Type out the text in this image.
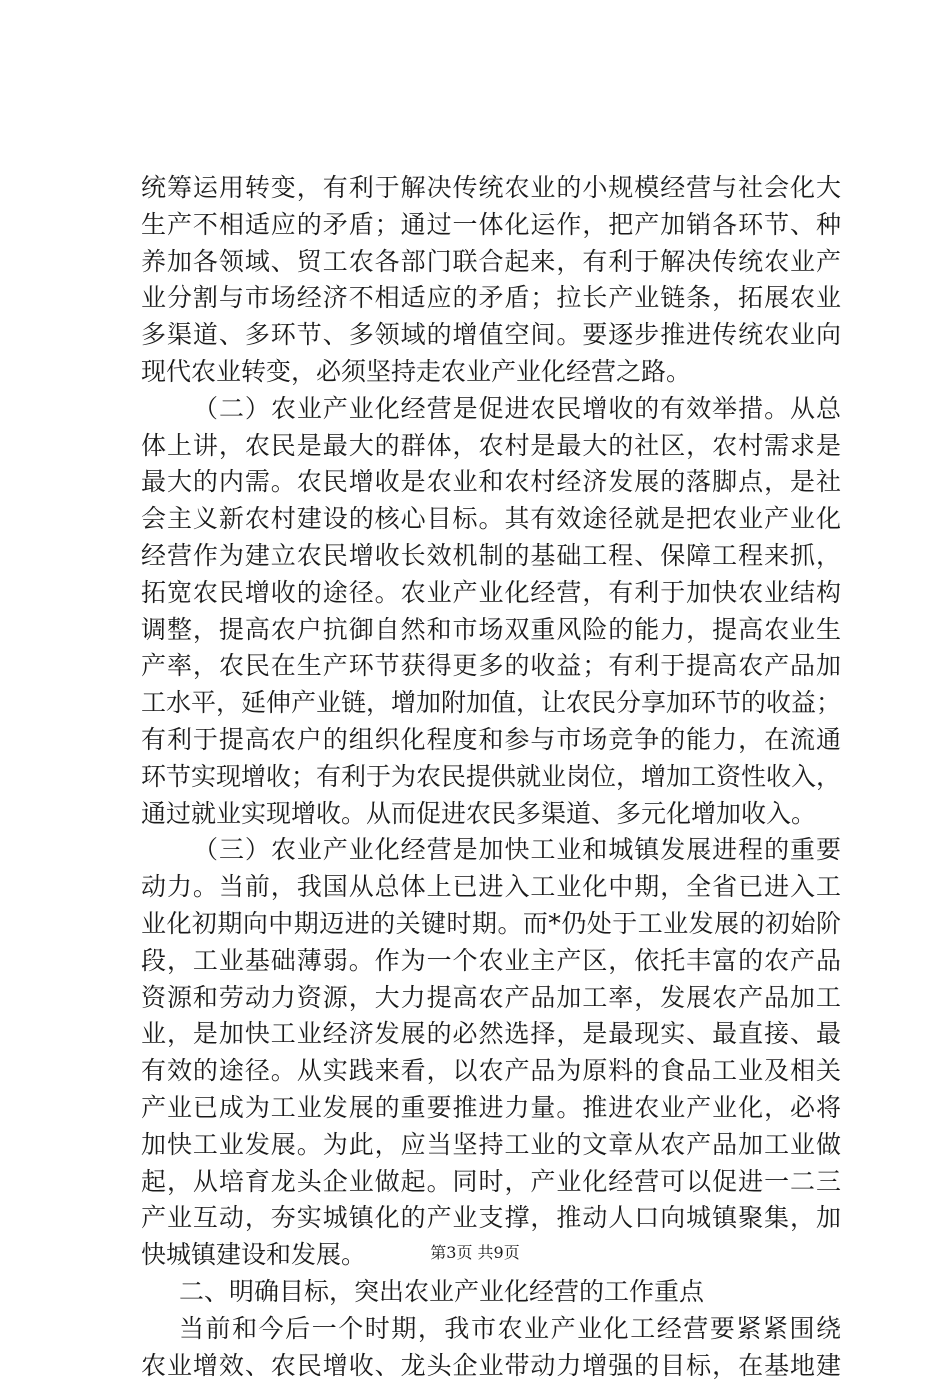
统筹运用转变，有利于解决传统农业的小规模经营与社会化大
生产不相适应的矛盾；通过一体化运作，把产加销各环节、种
养加各领域、贸工农各部门联合起来，有利于解决传统农业产
业分割与市场经济不相适应的矛盾；拉长产业链条，拓展农业
多渠道、多环节、多领域的增值空间。要逐步推进传统农业向
现代农业转变，必须坚持走农业产业化经营之路。
（二）农业产业化经营是促进农民增收的有效举措。从总
体上讲，农民是最大的群体，农村是最大的社区，农村需求是
最大的内需。农民增收是农业和农村经济发展的落脚点，是社
会主义新农村建设的核心目标。其有效途径就是把农业产业化
经营作为建立农民增收长效机制的基础工程、保障工程来抓，
拓宽农民增收的途径。农业产业化经营，有利于加快农业结构
调整，提高农户抗御自然和市场双重风险的能力，提高农业生
产率，农民在生产环节获得更多的收益；有利于提高农产品加
工水平，延伸产业链，增加附加值，让农民分享加环节的收益；
有利于提高农户的组织化程度和参与市场竞争的能力，在流通
环节实现增收；有利于为农民提供就业岗位，增加工资性收入，
通过就业实现增收。从而促进农民多渠道、多元化增加收入。
（三）农业产业化经营是加快工业和城镇发展进程的重要
动力。当前，我国从总体上已进入工业化中期，全省已进入工
业化初期向中期迈进的关键时期。而*仍处于工业发展的初始阶
段，工业基础薄弱。作为一个农业主产区，依托丰富的农产品
资源和劳动力资源，大力提高农产品加工率，发展农产品加工
业，是加快工业经济发展的必然选择，是最现实、最直接、最
有效的途径。从实践来看，以农产品为原料的食品工业及相关
产业已成为工业发展的重要推进力量。推进农业产业化，必将
加快工业发展。为此，应当坚持工业的文章从农产品加工业做
起，从培育龙头企业做起。同时，产业化经营可以促进一二三
产业互动，夯实城镇化的产业支撑，推动人口向城镇聚集，加
快城镇建设和发展。
二、明确目标，突出农业产业化经营的工作重点
当前和今后一个时期，我市农业产业化工经营要紧紧围绕
农业增效、农民增收、龙头企业带动力增强的目标，在基地建
第3页 共9页
